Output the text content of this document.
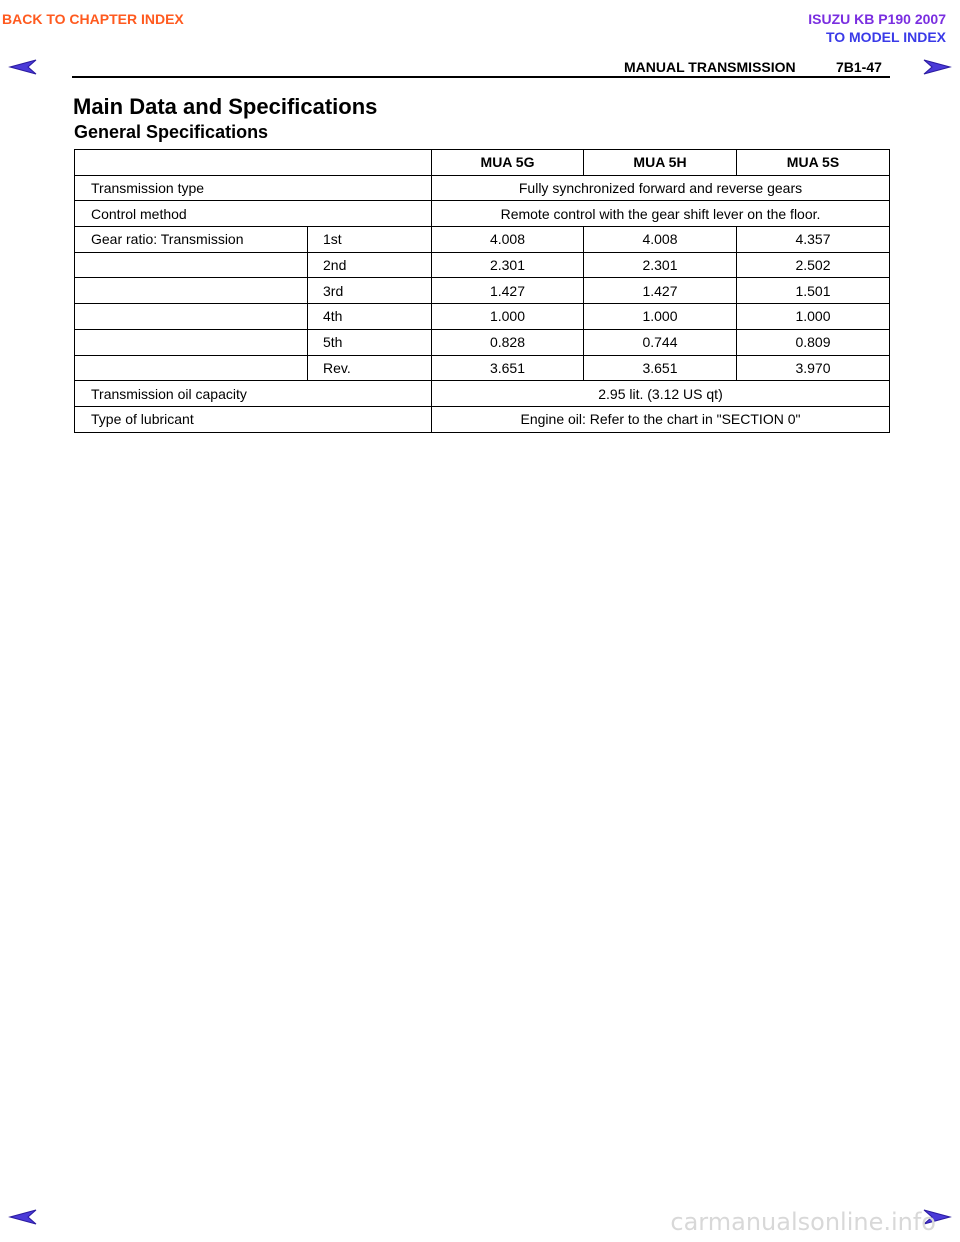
BACK TO CHAPTER INDEX	ISUZU KB P190 2007
TO MODEL INDEX
MANUAL TRANSMISSION	7B1-47
Main Data and Specifications
General Specifications
		MUA 5G	MUA 5H	MUA 5S
Transmission type		Fully synchronized forward and reverse gears		
Control method		Remote control with the gear shift lever on the floor.		
Gear ratio: Transmission	1st	4.008	4.008	4.357
	2nd	2.301	2.301	2.502
	3rd	1.427	1.427	1.501
	4th	1.000	1.000	1.000
	5th	0.828	0.744	0.809
	Rev.	3.651	3.651	3.970
Transmission oil capacity		2.95 lit. (3.12 US qt)		
Type of lubricant		Engine oil: Refer to the chart in "SECTION 0"		
carmanualsonline.info
